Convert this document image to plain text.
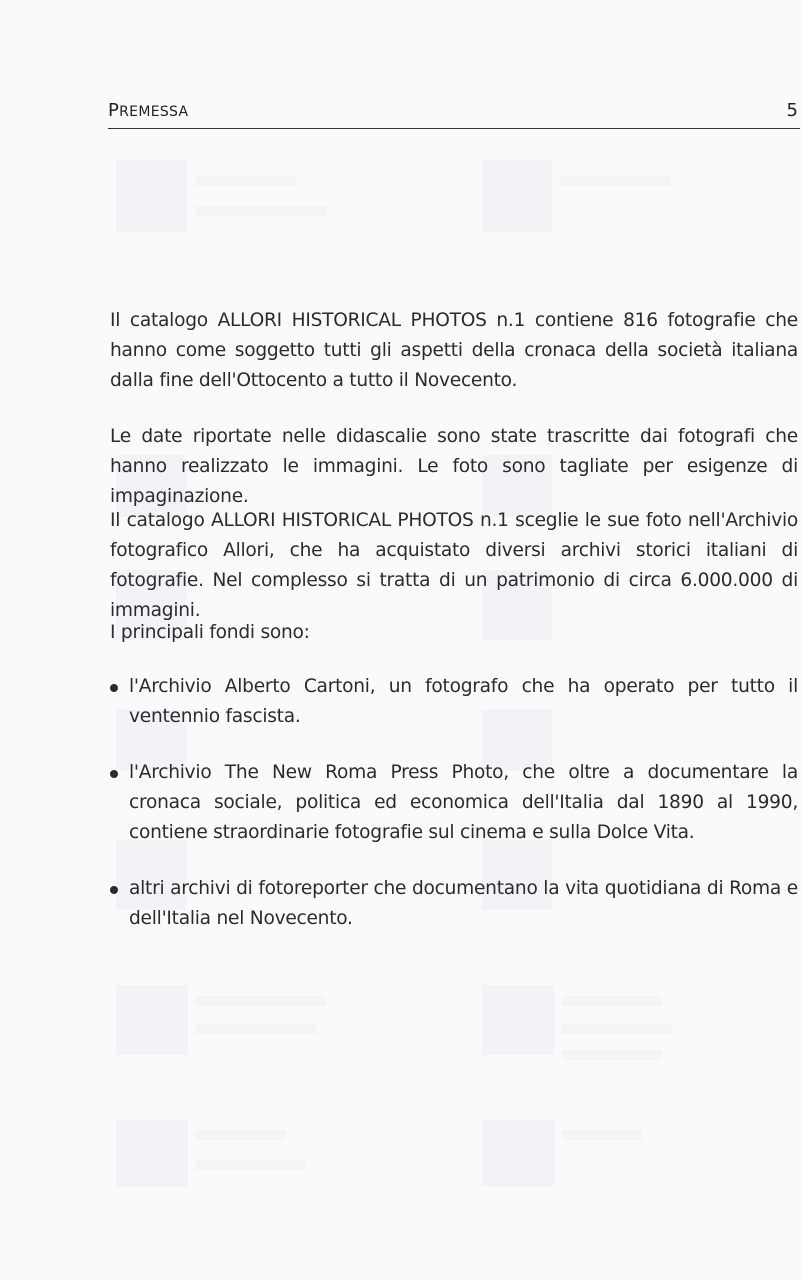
PREMESSA	5

Il catalogo ALLORI HISTORICAL PHOTOS n.1 contiene 816 fotografie che hanno come soggetto tutti gli aspetti della cronaca della società italiana dalla fine dell'Ottocento a tutto il Novecento.

Le date riportate nelle didascalie sono state trascritte dai fotografi che hanno realizzato le immagini. Le foto sono tagliate per esigenze di impaginazione.

Il catalogo ALLORI HISTORICAL PHOTOS n.1 sceglie le sue foto nell'Archivio fotografico Allori, che ha acquistato diversi archivi storici italiani di fotografie. Nel complesso si tratta di un patrimonio di circa 6.000.000 di immagini.

I principali fondi sono:

l'Archivio Alberto Cartoni, un fotografo che ha operato per tutto il ventennio fascista.

l'Archivio The New Roma Press Photo, che oltre a documentare la cronaca sociale, politica ed economica dell'Italia dal 1890 al 1990, contiene straordinarie fotografie sul cinema e sulla Dolce Vita.

altri archivi di fotoreporter che documentano la vita quotidiana di Roma e dell'Italia nel Novecento.
